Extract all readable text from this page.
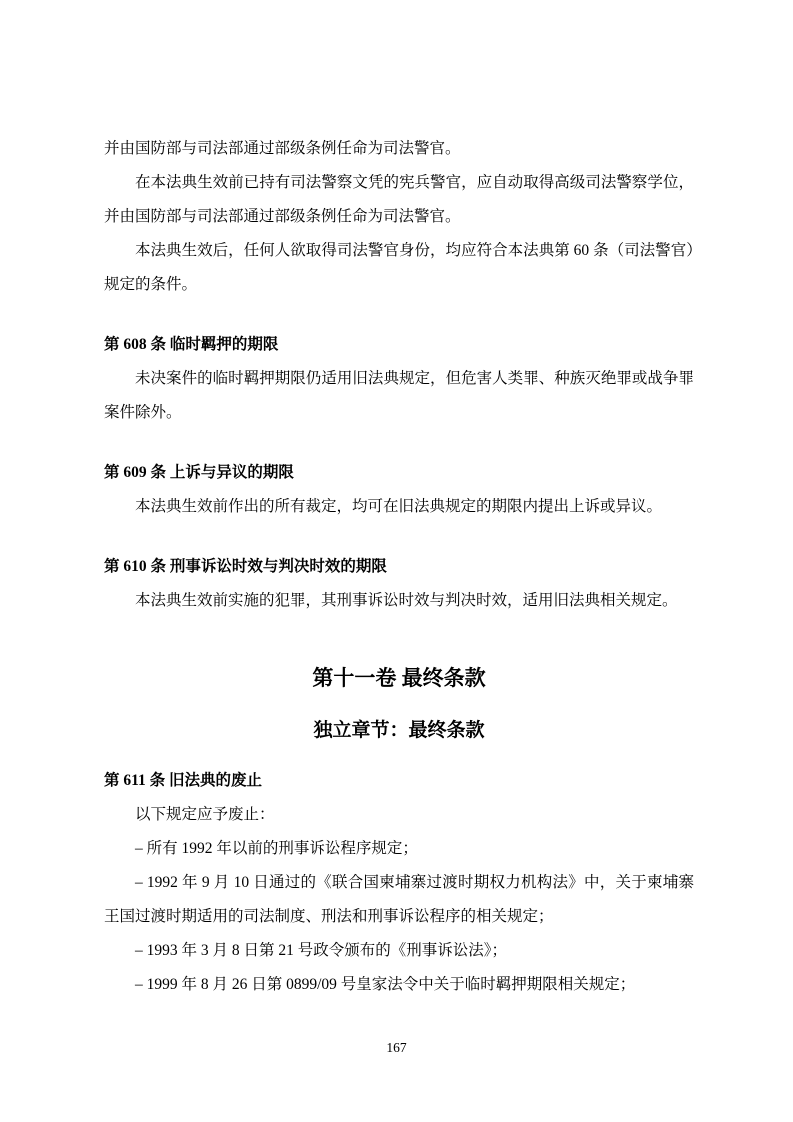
并由国防部与司法部通过部级条例任命为司法警官。

在本法典生效前已持有司法警察文凭的宪兵警官，应自动取得高级司法警察学位，并由国防部与司法部通过部级条例任命为司法警官。

本法典生效后，任何人欲取得司法警官身份，均应符合本法典第 60 条（司法警官）规定的条件。

第 608 条 临时羁押的期限

未决案件的临时羁押期限仍适用旧法典规定，但危害人类罪、种族灭绝罪或战争罪案件除外。

第 609 条 上诉与异议的期限

本法典生效前作出的所有裁定，均可在旧法典规定的期限内提出上诉或异议。

第 610 条 刑事诉讼时效与判决时效的期限

本法典生效前实施的犯罪，其刑事诉讼时效与判决时效，适用旧法典相关规定。

第十一卷 最终条款

独立章节：最终条款

第 611 条 旧法典的废止

以下规定应予废止：

– 所有 1992 年以前的刑事诉讼程序规定；

– 1992 年 9 月 10 日通过的《联合国柬埔寨过渡时期权力机构法》中，关于柬埔寨王国过渡时期适用的司法制度、刑法和刑事诉讼程序的相关规定；

– 1993 年 3 月 8 日第 21 号政令颁布的《刑事诉讼法》；

– 1999 年 8 月 26 日第 0899/09 号皇家法令中关于临时羁押期限相关规定；

167
